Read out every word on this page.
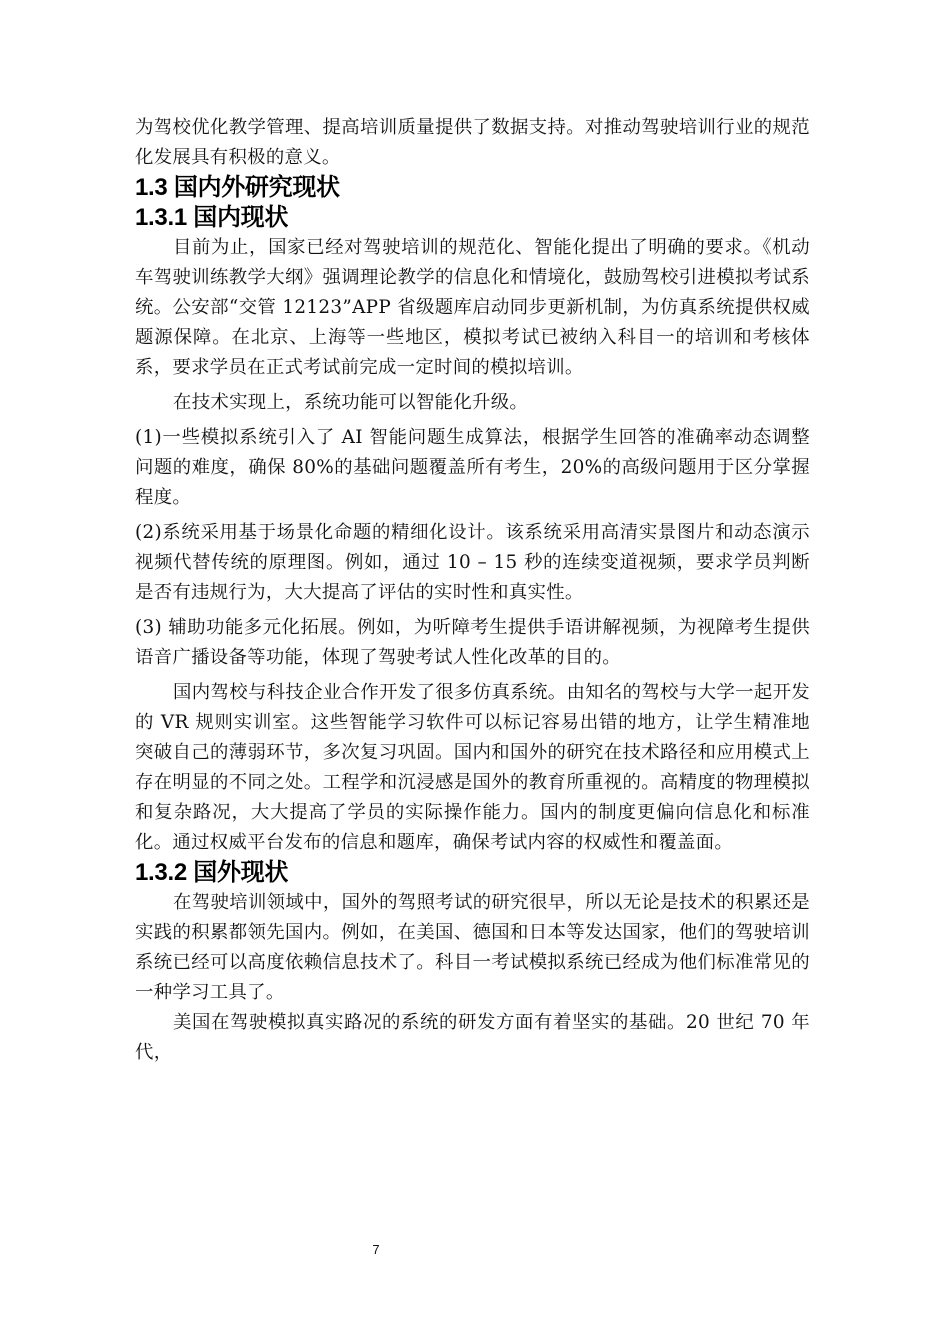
为驾校优化教学管理、提高培训质量提供了数据支持。对推动驾驶培训行业的规范化发展具有积极的意义。

1.3 国内外研究现状
1.3.1 国内现状

目前为止，国家已经对驾驶培训的规范化、智能化提出了明确的要求。《机动车驾驶训练教学大纲》强调理论教学的信息化和情境化，鼓励驾校引进模拟考试系统。公安部“交管 12123”APP 省级题库启动同步更新机制，为仿真系统提供权威题源保障。在北京、上海等一些地区，模拟考试已被纳入科目一的培训和考核体系，要求学员在正式考试前完成一定时间的模拟培训。

在技术实现上，系统功能可以智能化升级。

(1)一些模拟系统引入了 AI 智能问题生成算法，根据学生回答的准确率动态调整问题的难度，确保 80%的基础问题覆盖所有考生，20%的高级问题用于区分掌握程度。

(2)系统采用基于场景化命题的精细化设计。该系统采用高清实景图片和动态演示视频代替传统的原理图。例如，通过 10 – 15 秒的连续变道视频，要求学员判断是否有违规行为，大大提高了评估的实时性和真实性。

(3) 辅助功能多元化拓展。例如，为听障考生提供手语讲解视频，为视障考生提供语音广播设备等功能，体现了驾驶考试人性化改革的目的。

国内驾校与科技企业合作开发了很多仿真系统。由知名的驾校与大学一起开发的 VR 规则实训室。这些智能学习软件可以标记容易出错的地方，让学生精准地突破自己的薄弱环节，多次复习巩固。国内和国外的研究在技术路径和应用模式上存在明显的不同之处。工程学和沉浸感是国外的教育所重视的。高精度的物理模拟和复杂路况，大大提高了学员的实际操作能力。国内的制度更偏向信息化和标准化。通过权威平台发布的信息和题库，确保考试内容的权威性和覆盖面。

1.3.2 国外现状

在驾驶培训领域中，国外的驾照考试的研究很早，所以无论是技术的积累还是实践的积累都领先国内。例如，在美国、德国和日本等发达国家，他们的驾驶培训系统已经可以高度依赖信息技术了。科目一考试模拟系统已经成为他们标准常见的一种学习工具了。

美国在驾驶模拟真实路况的系统的研发方面有着坚实的基础。20 世纪 70 年代，

7
